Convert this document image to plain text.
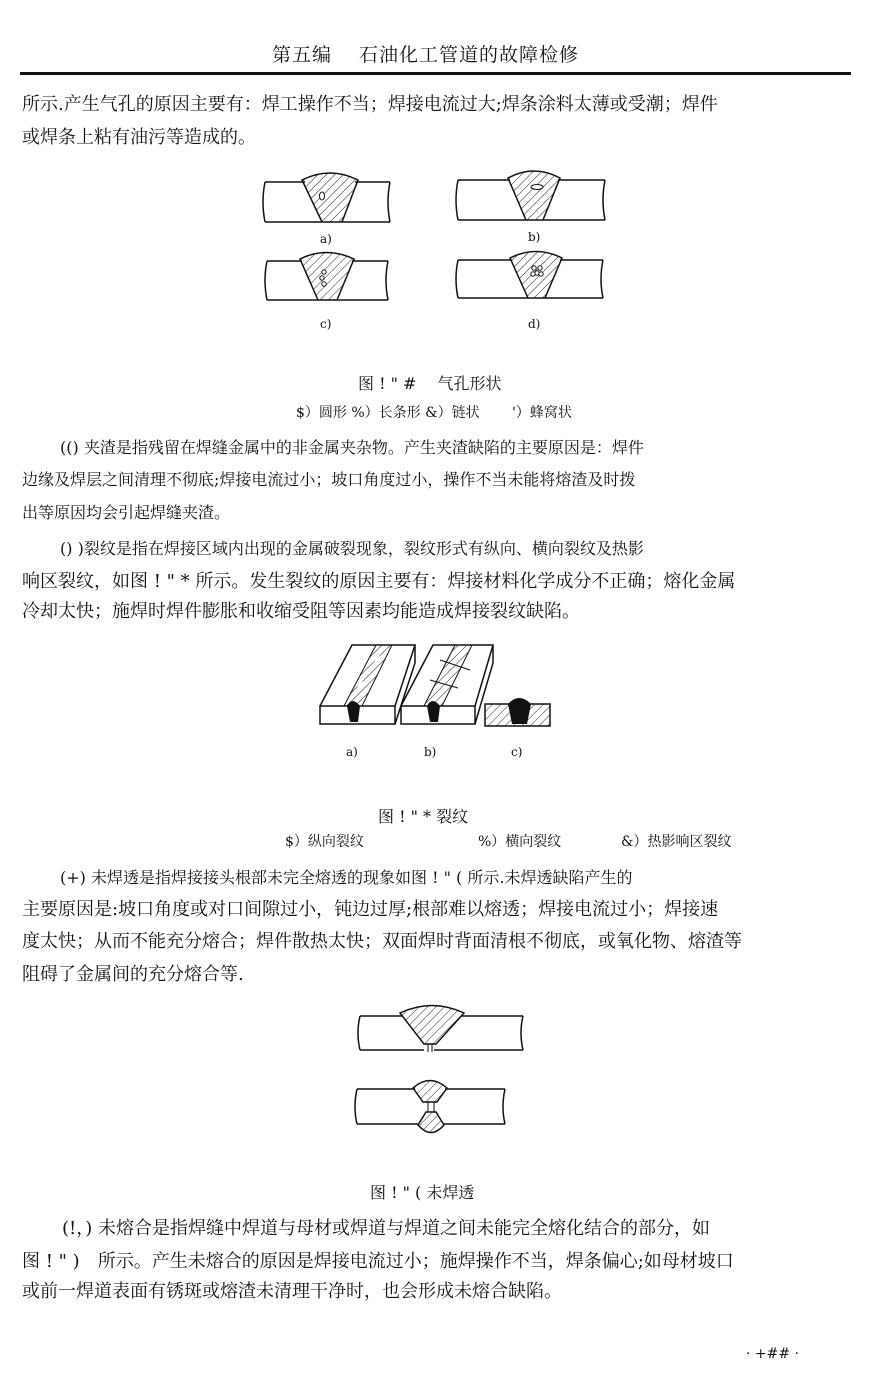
第五编　 石油化工管道的故障检修
所示.产生气孔的原因主要有：焊工操作不当；焊接电流过大;焊条涂料太薄或受潮；焊件
或焊条上粘有油污等造成的。
a)	b)
c)	d)
图 ! " #　 气孔形状
$）圆形 %）长条形 &）链状　　 '）蜂窝状
(() 夹渣是指残留在焊缝金属中的非金属夹杂物。产生夹渣缺陷的主要原因是：焊件
边缘及焊层之间清理不彻底;焊接电流过小；坡口角度过小，操作不当未能将熔渣及时拨
出等原因均会引起焊缝夹渣。
() )裂纹是指在焊接区域内出现的金属破裂现象，裂纹形式有纵向、横向裂纹及热影
响区裂纹，如图 ! " * 所示。发生裂纹的原因主要有：焊接材料化学成分不正确；熔化金属
冷却太快；施焊时焊件膨胀和收缩受阻等因素均能造成焊接裂纹缺陷。
a)	b)	c)
图 ! " * 裂纹
$）纵向裂纹	%）横向裂纹	&）热影响区裂纹
(+) 未焊透是指焊接接头根部未完全熔透的现象如图 ! " ( 所示.未焊透缺陷产生的
主要原因是:坡口角度或对口间隙过小，钝边过厚;根部难以熔透；焊接电流过小；焊接速
度太快；从而不能充分熔合；焊件散热太快；双面焊时背面清根不彻底，或氧化物、熔渣等
阻碍了金属间的充分熔合等.
图 ! " ( 未焊透
(!，) 未熔合是指焊缝中焊道与母材或焊道与焊道之间未能完全熔化结合的部分，如
图 ! " )　所示。产生未熔合的原因是焊接电流过小；施焊操作不当，焊条偏心;如母材坡口
或前一焊道表面有锈斑或熔渣未清理干净时，也会形成未熔合缺陷。
· +## ·
